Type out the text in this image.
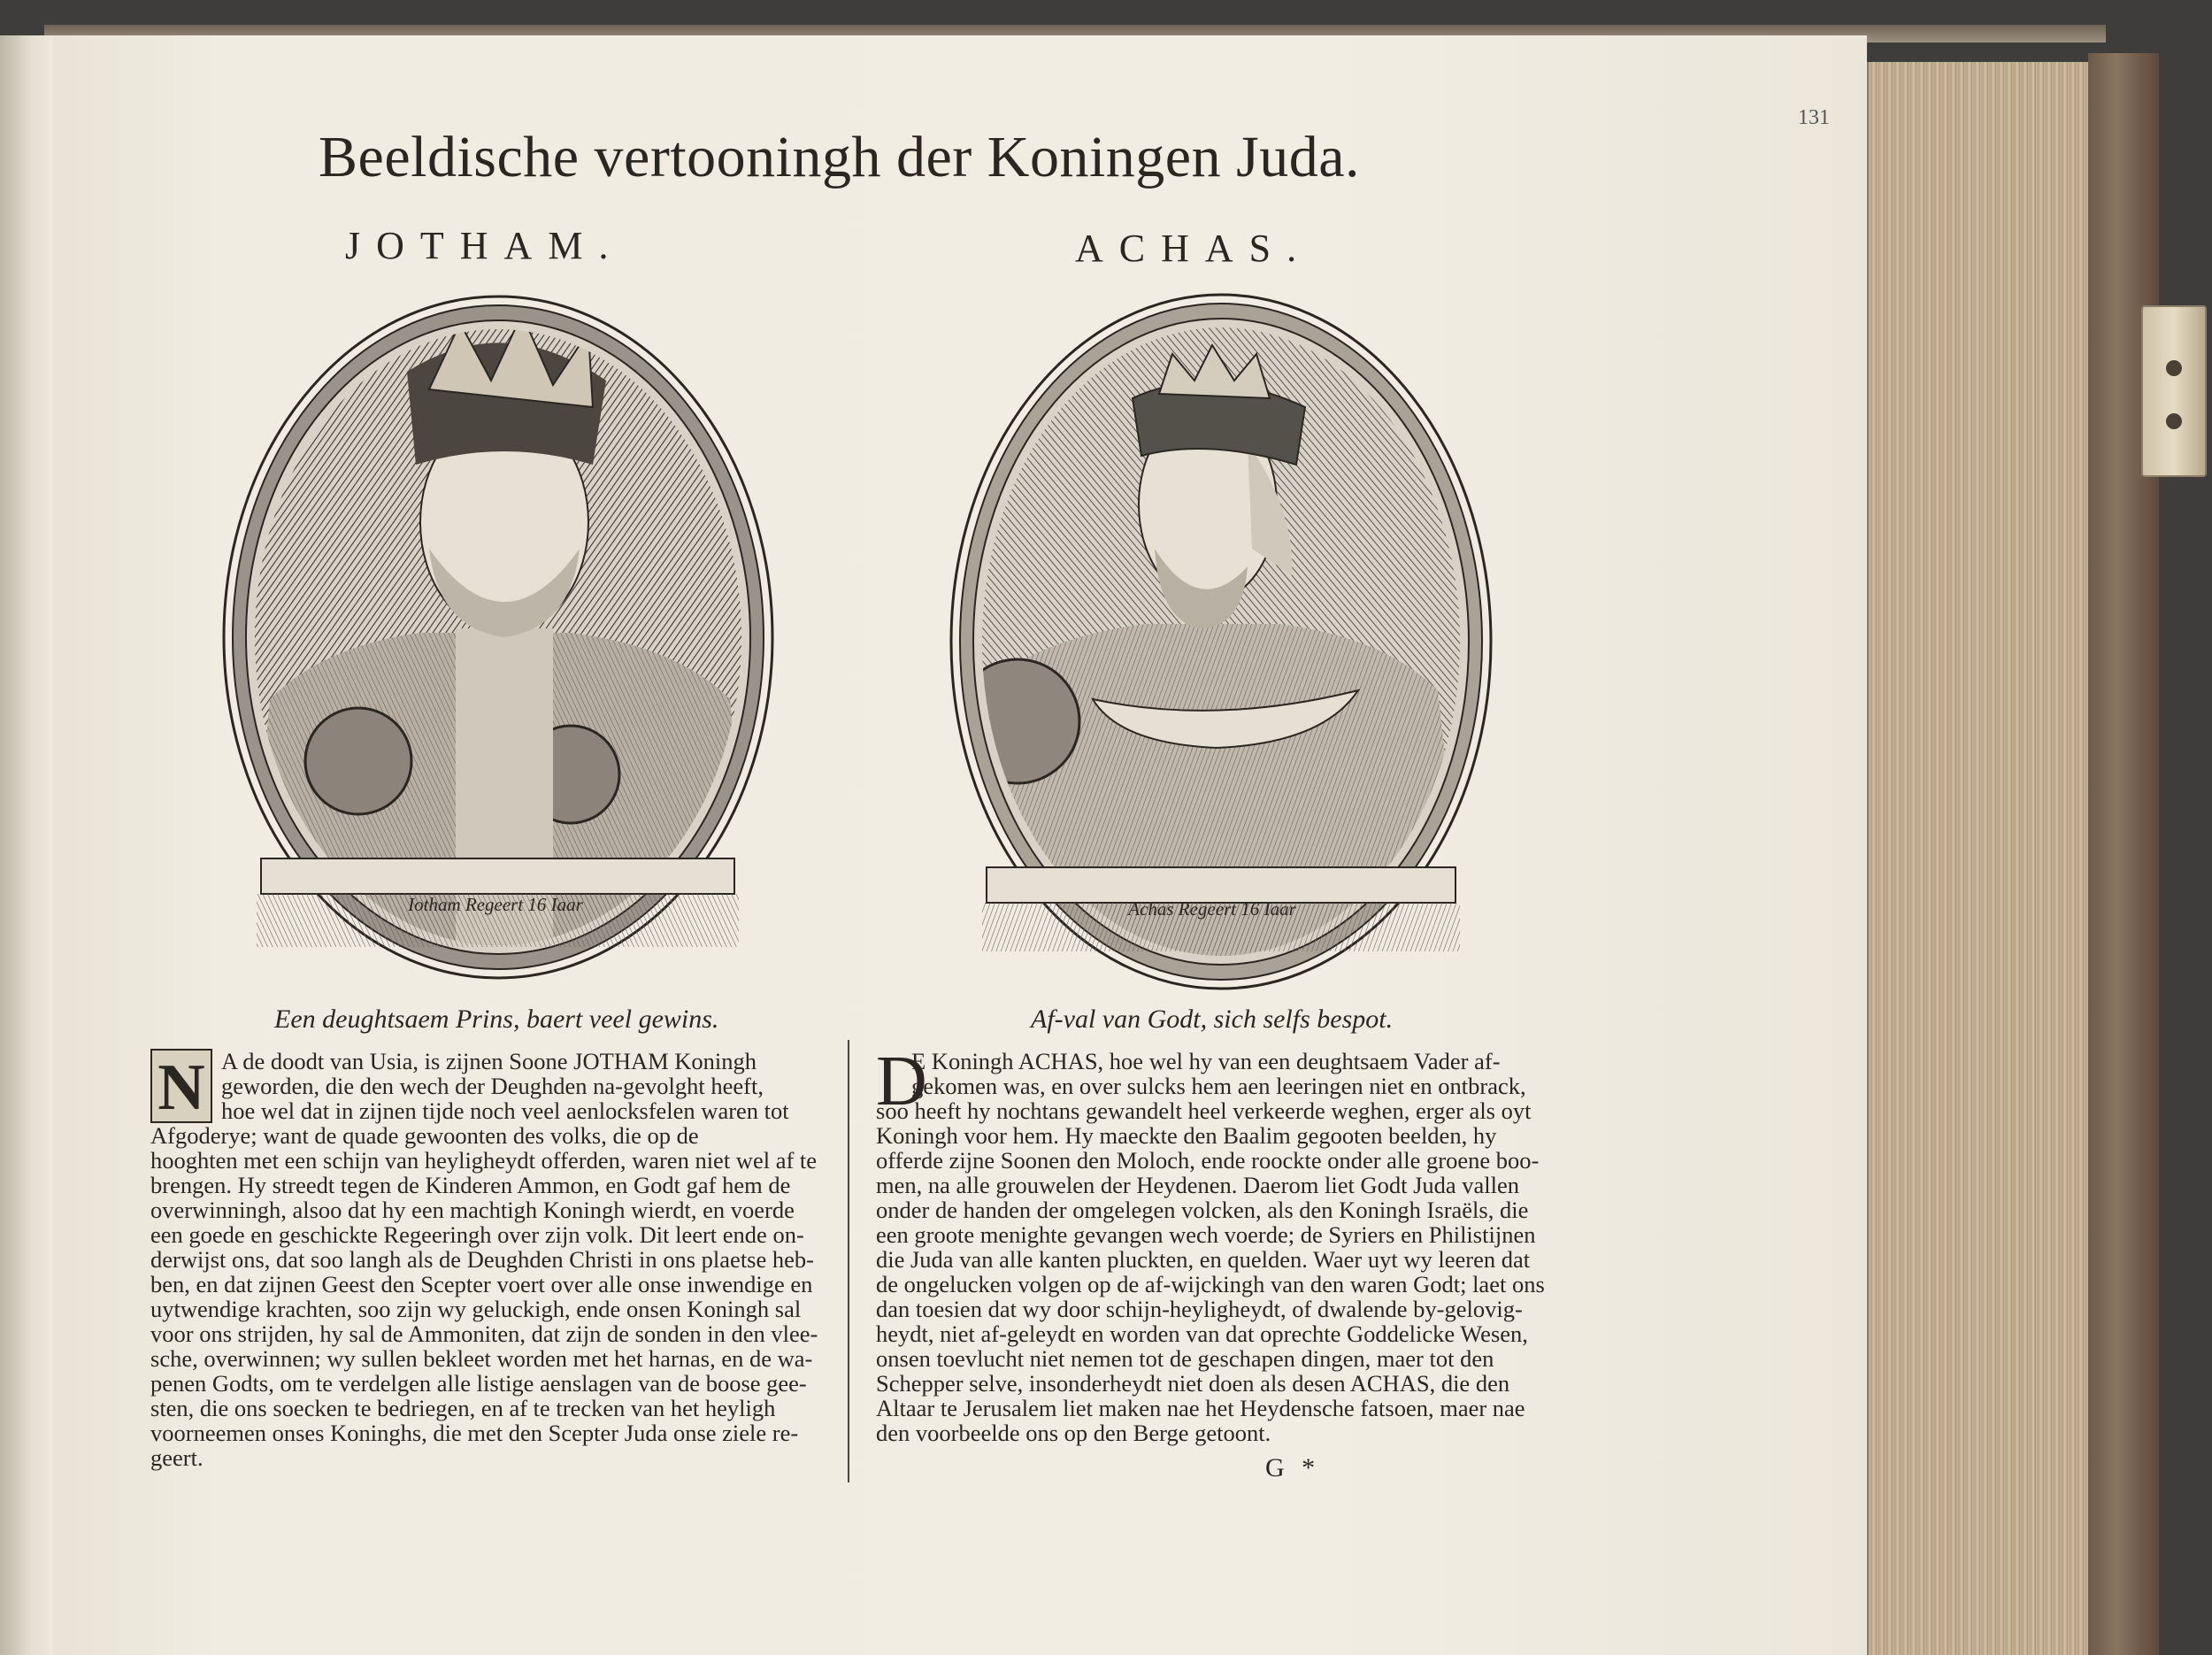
131
Beeldische vertooningh der Koningen Juda.
JOTHAM.	ACHAS.
Iotham Regeert 16 Iaar	Achas Regeert 16 Iaar
Een deughtsaem Prins, baert veel gewins.	Af-val van Godt, sich selfs bespot.
N	D
A de doodt van Usia, is zijnen Soone JOTHAM Koningh
geworden, die den wech der Deughden na-gevolght heeft,
hoe wel dat in zijnen tijde noch veel aenlocksfelen waren tot
Afgoderye; want de quade gewoonten des volks, die op de
hooghten met een schijn van heyligheydt offerden, waren niet wel af te
brengen. Hy streedt tegen de Kinderen Ammon, en Godt gaf hem de
overwinningh, alsoo dat hy een machtigh Koningh wierdt, en voerde
een goede en geschickte Regeeringh over zijn volk. Dit leert ende on-
derwijst ons, dat soo langh als de Deughden Christi in ons plaetse heb-
ben, en dat zijnen Geest den Scepter voert over alle onse inwendige en
uytwendige krachten, soo zijn wy geluckigh, ende onsen Koningh sal
voor ons strijden, hy sal de Ammoniten, dat zijn de sonden in den vlee-
sche, overwinnen; wy sullen bekleet worden met het harnas, en de wa-
penen Godts, om te verdelgen alle listige aenslagen van de boose gee-
sten, die ons soecken te bedriegen, en af te trecken van het heyligh
voorneemen onses Koninghs, die met den Scepter Juda onse ziele re-
geert.
E Koningh ACHAS, hoe wel hy van een deughtsaem Vader af-
gekomen was, en over sulcks hem aen leeringen niet en ontbrack,
soo heeft hy nochtans gewandelt heel verkeerde weghen, erger als oyt
Koningh voor hem. Hy maeckte den Baalim gegooten beelden, hy
offerde zijne Soonen den Moloch, ende roockte onder alle groene boo-
men, na alle grouwelen der Heydenen. Daerom liet Godt Juda vallen
onder de handen der omgelegen volcken, als den Koningh Israëls, die
een groote menighte gevangen wech voerde; de Syriers en Philistijnen
die Juda van alle kanten pluckten, en quelden. Waer uyt wy leeren dat
de ongelucken volgen op de af-wijckingh van den waren Godt; laet ons
dan toesien dat wy door schijn-heyligheydt, of dwalende by-gelovig-
heydt, niet af-geleydt en worden van dat oprechte Goddelicke Wesen,
onsen toevlucht niet nemen tot de geschapen dingen, maer tot den
Schepper selve, insonderheydt niet doen als desen ACHAS, die den
Altaar te Jerusalem liet maken nae het Heydensche fatsoen, maer nae
den voorbeelde ons op den Berge getoont.
G *
